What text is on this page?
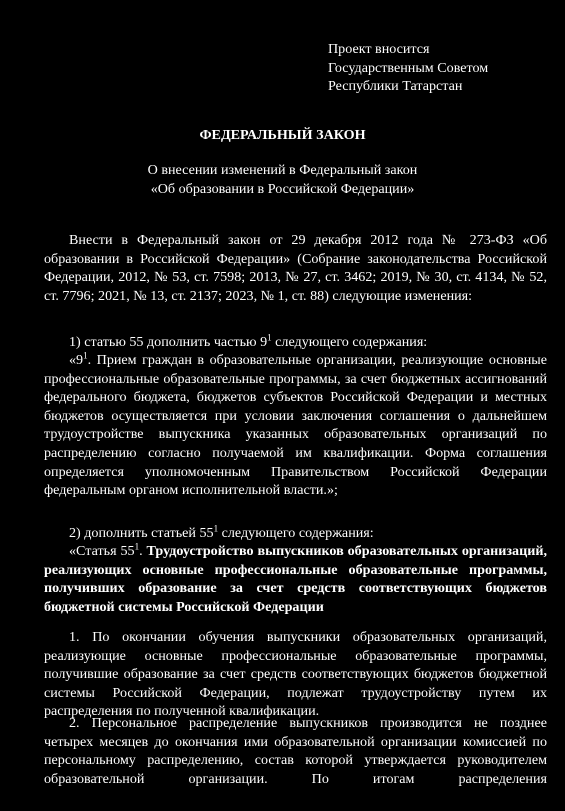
Проект вносится
Государственным Советом
Республики Татарстан
ФЕДЕРАЛЬНЫЙ ЗАКОН
О внесении изменений в Федеральный закон
«Об образовании в Российской Федерации»
Внести в Федеральный закон от 29 декабря 2012 года № 273-ФЗ «Об образовании в Российской Федерации» (Собрание законодательства Российской Федерации, 2012, № 53, ст. 7598; 2013, № 27, ст. 3462; 2019, № 30, ст. 4134, № 52, ст. 7796; 2021, № 13, ст. 2137; 2023, № 1, ст. 88) следующие изменения:
1) статью 55 дополнить частью $9^1$ следующего содержания:
«$9^1$. Прием граждан в образовательные организации, реализующие основные профессиональные образовательные программы, за счет бюджетных ассигнований федерального бюджета, бюджетов субъектов Российской Федерации и местных бюджетов осуществляется при условии заключения соглашения о дальнейшем трудоустройстве выпускника указанных образовательных организаций по распределению согласно получаемой им квалификации. Форма соглашения определяется уполномоченным Правительством Российской Федерации федеральным органом исполнительной власти.»;
2) дополнить статьей $55^1$ следующего содержания:
«Статья $55^1$. Трудоустройство выпускников образовательных организаций, реализующих основные профессиональные образовательные программы, получивших образование за счет средств соответствующих бюджетов бюджетной системы Российской Федерации
1. По окончании обучения выпускники образовательных организаций, реализующие основные профессиональные образовательные программы, получившие образование за счет средств соответствующих бюджетов бюджетной системы Российской Федерации, подлежат трудоустройству путем их распределения по полученной квалификации.
2. Персональное распределение выпускников производится не позднее четырех месяцев до окончания ими образовательной организации комиссией по персональному распределению, состав которой утверждается руководителем образовательной организации. По итогам распределения
